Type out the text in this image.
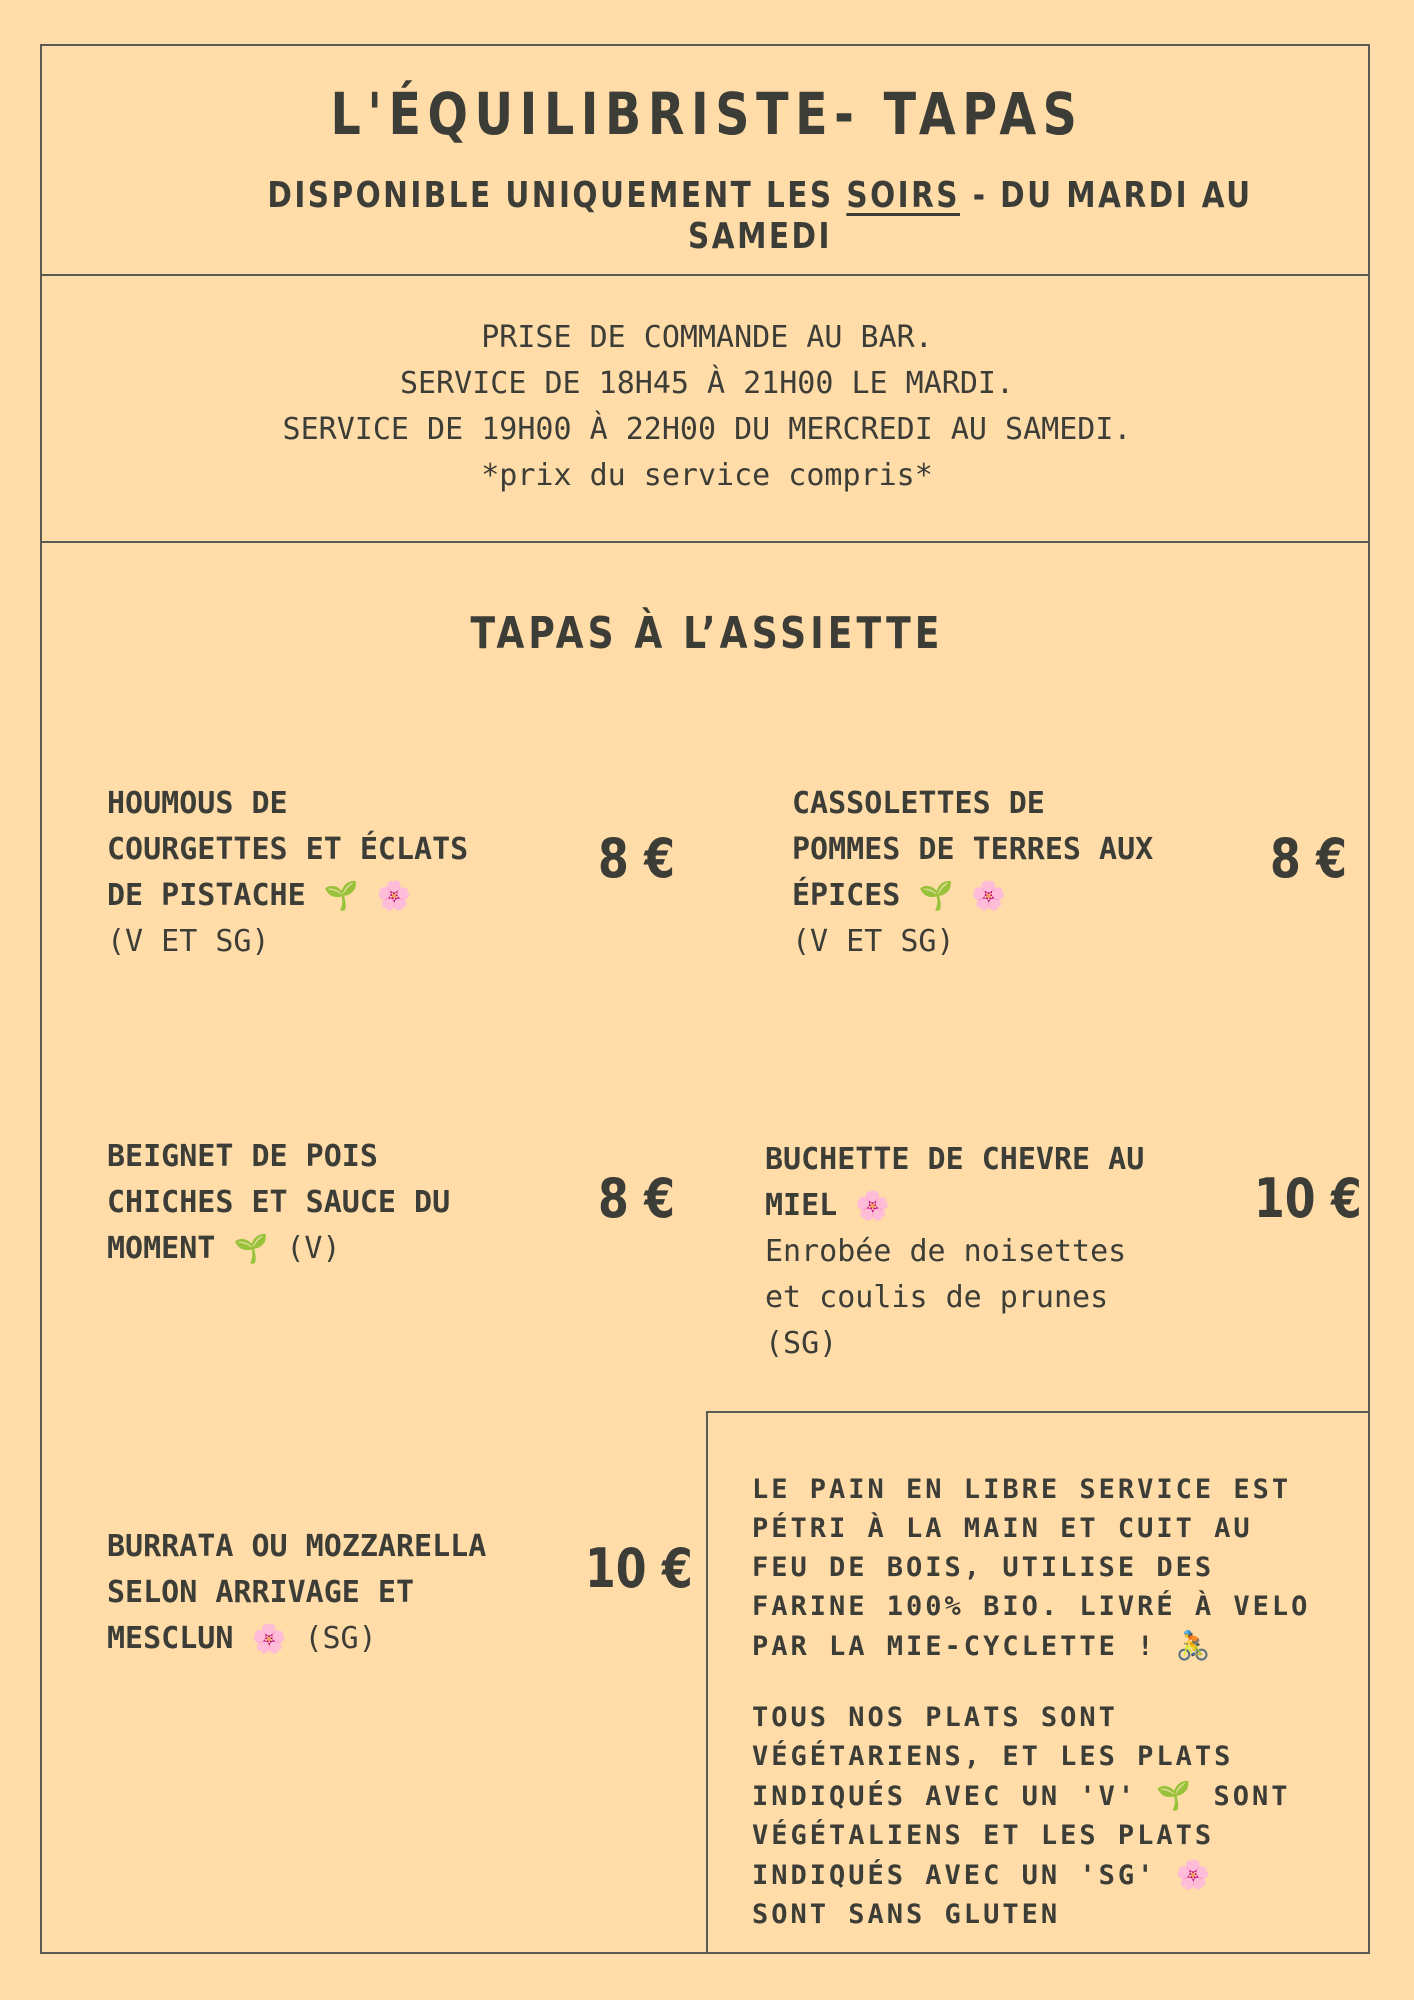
L'ÉQUILIBRISTE- TAPAS
DISPONIBLE UNIQUEMENT LES SOIRS - DU MARDI AU SAMEDI
PRISE DE COMMANDE AU BAR.
SERVICE DE 18H45 À 21H00 LE MARDI.
SERVICE DE 19H00 À 22H00 DU MERCREDI AU SAMEDI.
*prix du service compris*
TAPAS À L’ASSIETTE
HOUMOUS DE
COURGETTES ET ÉCLATS
DE PISTACHE 🌱 🌸
(V ET SG)
8 €
CASSOLETTES DE
POMMES DE TERRES AUX
ÉPICES 🌱 🌸
(V ET SG)
8 €
BEIGNET DE POIS
CHICHES ET SAUCE DU
MOMENT 🌱 (V)
8 €
BUCHETTE DE CHEVRE AU
MIEL 🌸
Enrobée de noisettes
et coulis de prunes
(SG)
10 €
BURRATA OU MOZZARELLA
SELON ARRIVAGE ET
MESCLUN 🌸 (SG)
10 €
LE PAIN EN LIBRE SERVICE EST
PÉTRI À LA MAIN ET CUIT AU
FEU DE BOIS, UTILISE DES
FARINE 100% BIO. LIVRÉ À VELO
PAR LA MIE-CYCLETTE ! 🚴
TOUS NOS PLATS SONT
VÉGÉTARIENS, ET LES PLATS
INDIQUÉS AVEC UN 'V' 🌱 SONT
VÉGÉTALIENS ET LES PLATS
INDIQUÉS AVEC UN 'SG' 🌸
SONT SANS GLUTEN
